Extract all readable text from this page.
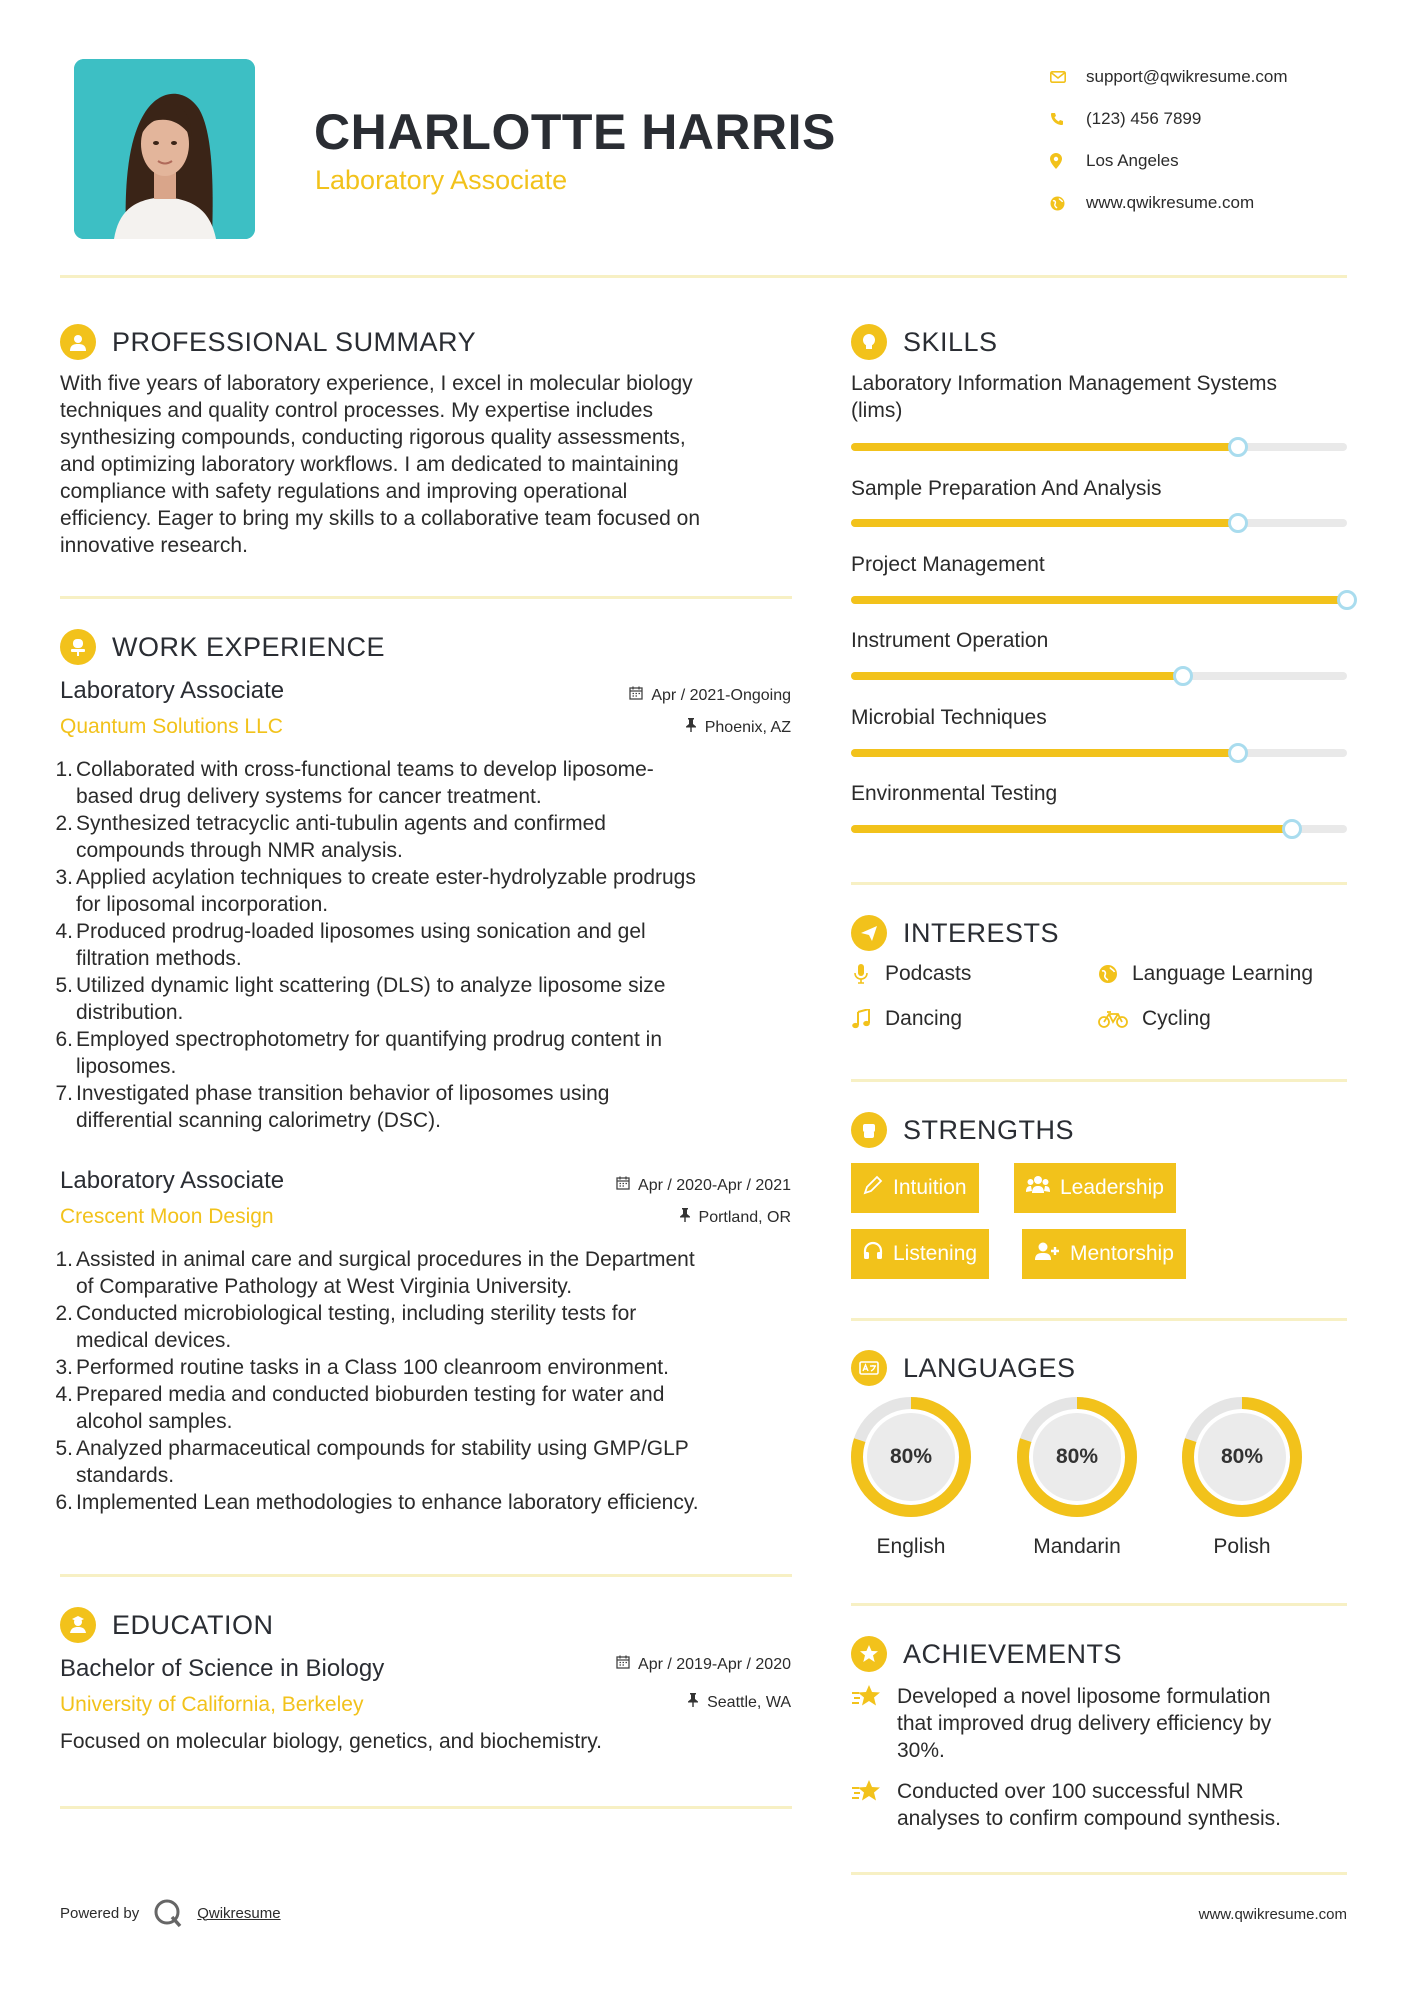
CHARLOTTE HARRIS
Laboratory Associate
support@qwikresume.com
(123) 456 7899
Los Angeles
www.qwikresume.com
PROFESSIONAL SUMMARY
With five years of laboratory experience, I excel in molecular biology
techniques and quality control processes. My expertise includes
synthesizing compounds, conducting rigorous quality assessments,
and optimizing laboratory workflows. I am dedicated to maintaining
compliance with safety regulations and improving operational
efficiency. Eager to bring my skills to a collaborative team focused on
innovative research.
WORK EXPERIENCE
Laboratory Associate
Quantum Solutions LLC
Apr / 2021-Ongoing
Phoenix, AZ
1. Collaborated with cross-functional teams to develop liposome-
based drug delivery systems for cancer treatment.
2. Synthesized tetracyclic anti-tubulin agents and confirmed
compounds through NMR analysis.
3. Applied acylation techniques to create ester-hydrolyzable prodrugs
for liposomal incorporation.
4. Produced prodrug-loaded liposomes using sonication and gel
filtration methods.
5. Utilized dynamic light scattering (DLS) to analyze liposome size
distribution.
6. Employed spectrophotometry for quantifying prodrug content in
liposomes.
7. Investigated phase transition behavior of liposomes using
differential scanning calorimetry (DSC).
Laboratory Associate
Crescent Moon Design
Apr / 2020-Apr / 2021
Portland, OR
1. Assisted in animal care and surgical procedures in the Department
of Comparative Pathology at West Virginia University.
2. Conducted microbiological testing, including sterility tests for
medical devices.
3. Performed routine tasks in a Class 100 cleanroom environment.
4. Prepared media and conducted bioburden testing for water and
alcohol samples.
5. Analyzed pharmaceutical compounds for stability using GMP/GLP
standards.
6. Implemented Lean methodologies to enhance laboratory efficiency.
EDUCATION
Bachelor of Science in Biology
University of California, Berkeley
Apr / 2019-Apr / 2020
Seattle, WA
Focused on molecular biology, genetics, and biochemistry.
SKILLS
Laboratory Information Management Systems
(lims)
Sample Preparation And Analysis
Project Management
Instrument Operation
Microbial Techniques
Environmental Testing
INTERESTS
Podcasts	Language Learning
Dancing	Cycling
STRENGTHS
Intuition	Leadership
Listening	Mentorship
LANGUAGES
80%
English
80%
Mandarin
80%
Polish
ACHIEVEMENTS
Developed a novel liposome formulation
that improved drug delivery efficiency by
30%.
Conducted over 100 successful NMR
analyses to confirm compound synthesis.
Powered by	Qwikresume	www.qwikresume.com
